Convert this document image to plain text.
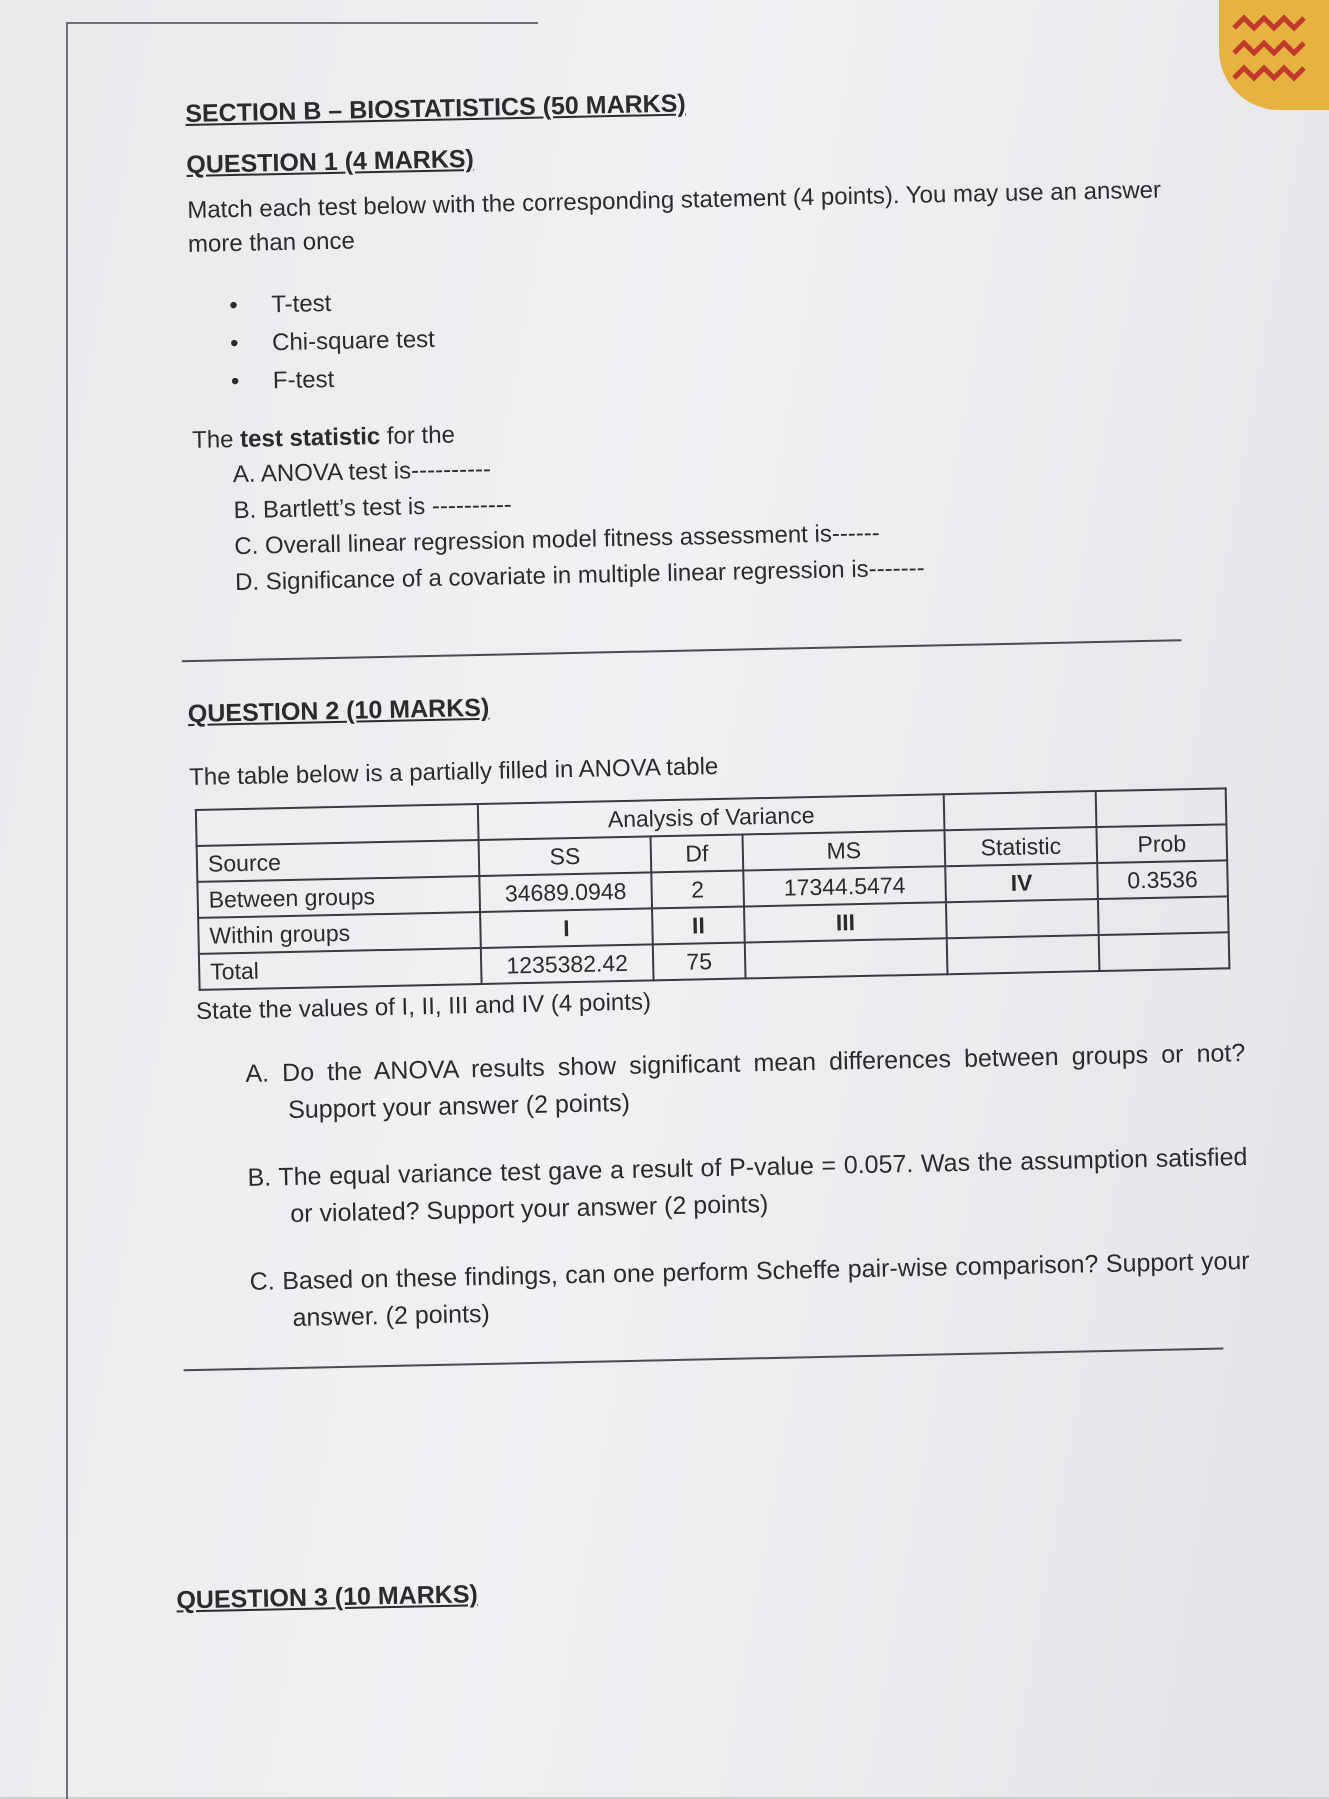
SECTION B – BIOSTATISTICS (50 MARKS)

QUESTION 1 (4 MARKS)

Match each test below with the corresponding statement (4 points). You may use an answer more than once

• T-test
• Chi-square test
• F-test

The test statistic for the

A. ANOVA test is----------
B. Bartlett’s test is ----------
C. Overall linear regression model fitness assessment is------
D. Significance of a covariate in multiple linear regression is-------

QUESTION 2 (10 MARKS)

The table below is a partially filled in ANOVA table

	Analysis of Variance				
Source	SS	Df	MS	Statistic	Prob
Between groups	34689.0948	2	17344.5474	IV	0.3536
Within groups	I	II	III		
Total	1235382.42	75			

State the values of I, II, III and IV (4 points)

A. Do the ANOVA results show significant mean differences between groups or not? Support your answer (2 points)
B. The equal variance test gave a result of P-value = 0.057. Was the assumption satisfied or violated? Support your answer (2 points)
C. Based on these findings, can one perform Scheffe pair-wise comparison? Support your answer. (2 points)

QUESTION 3 (10 MARKS)
